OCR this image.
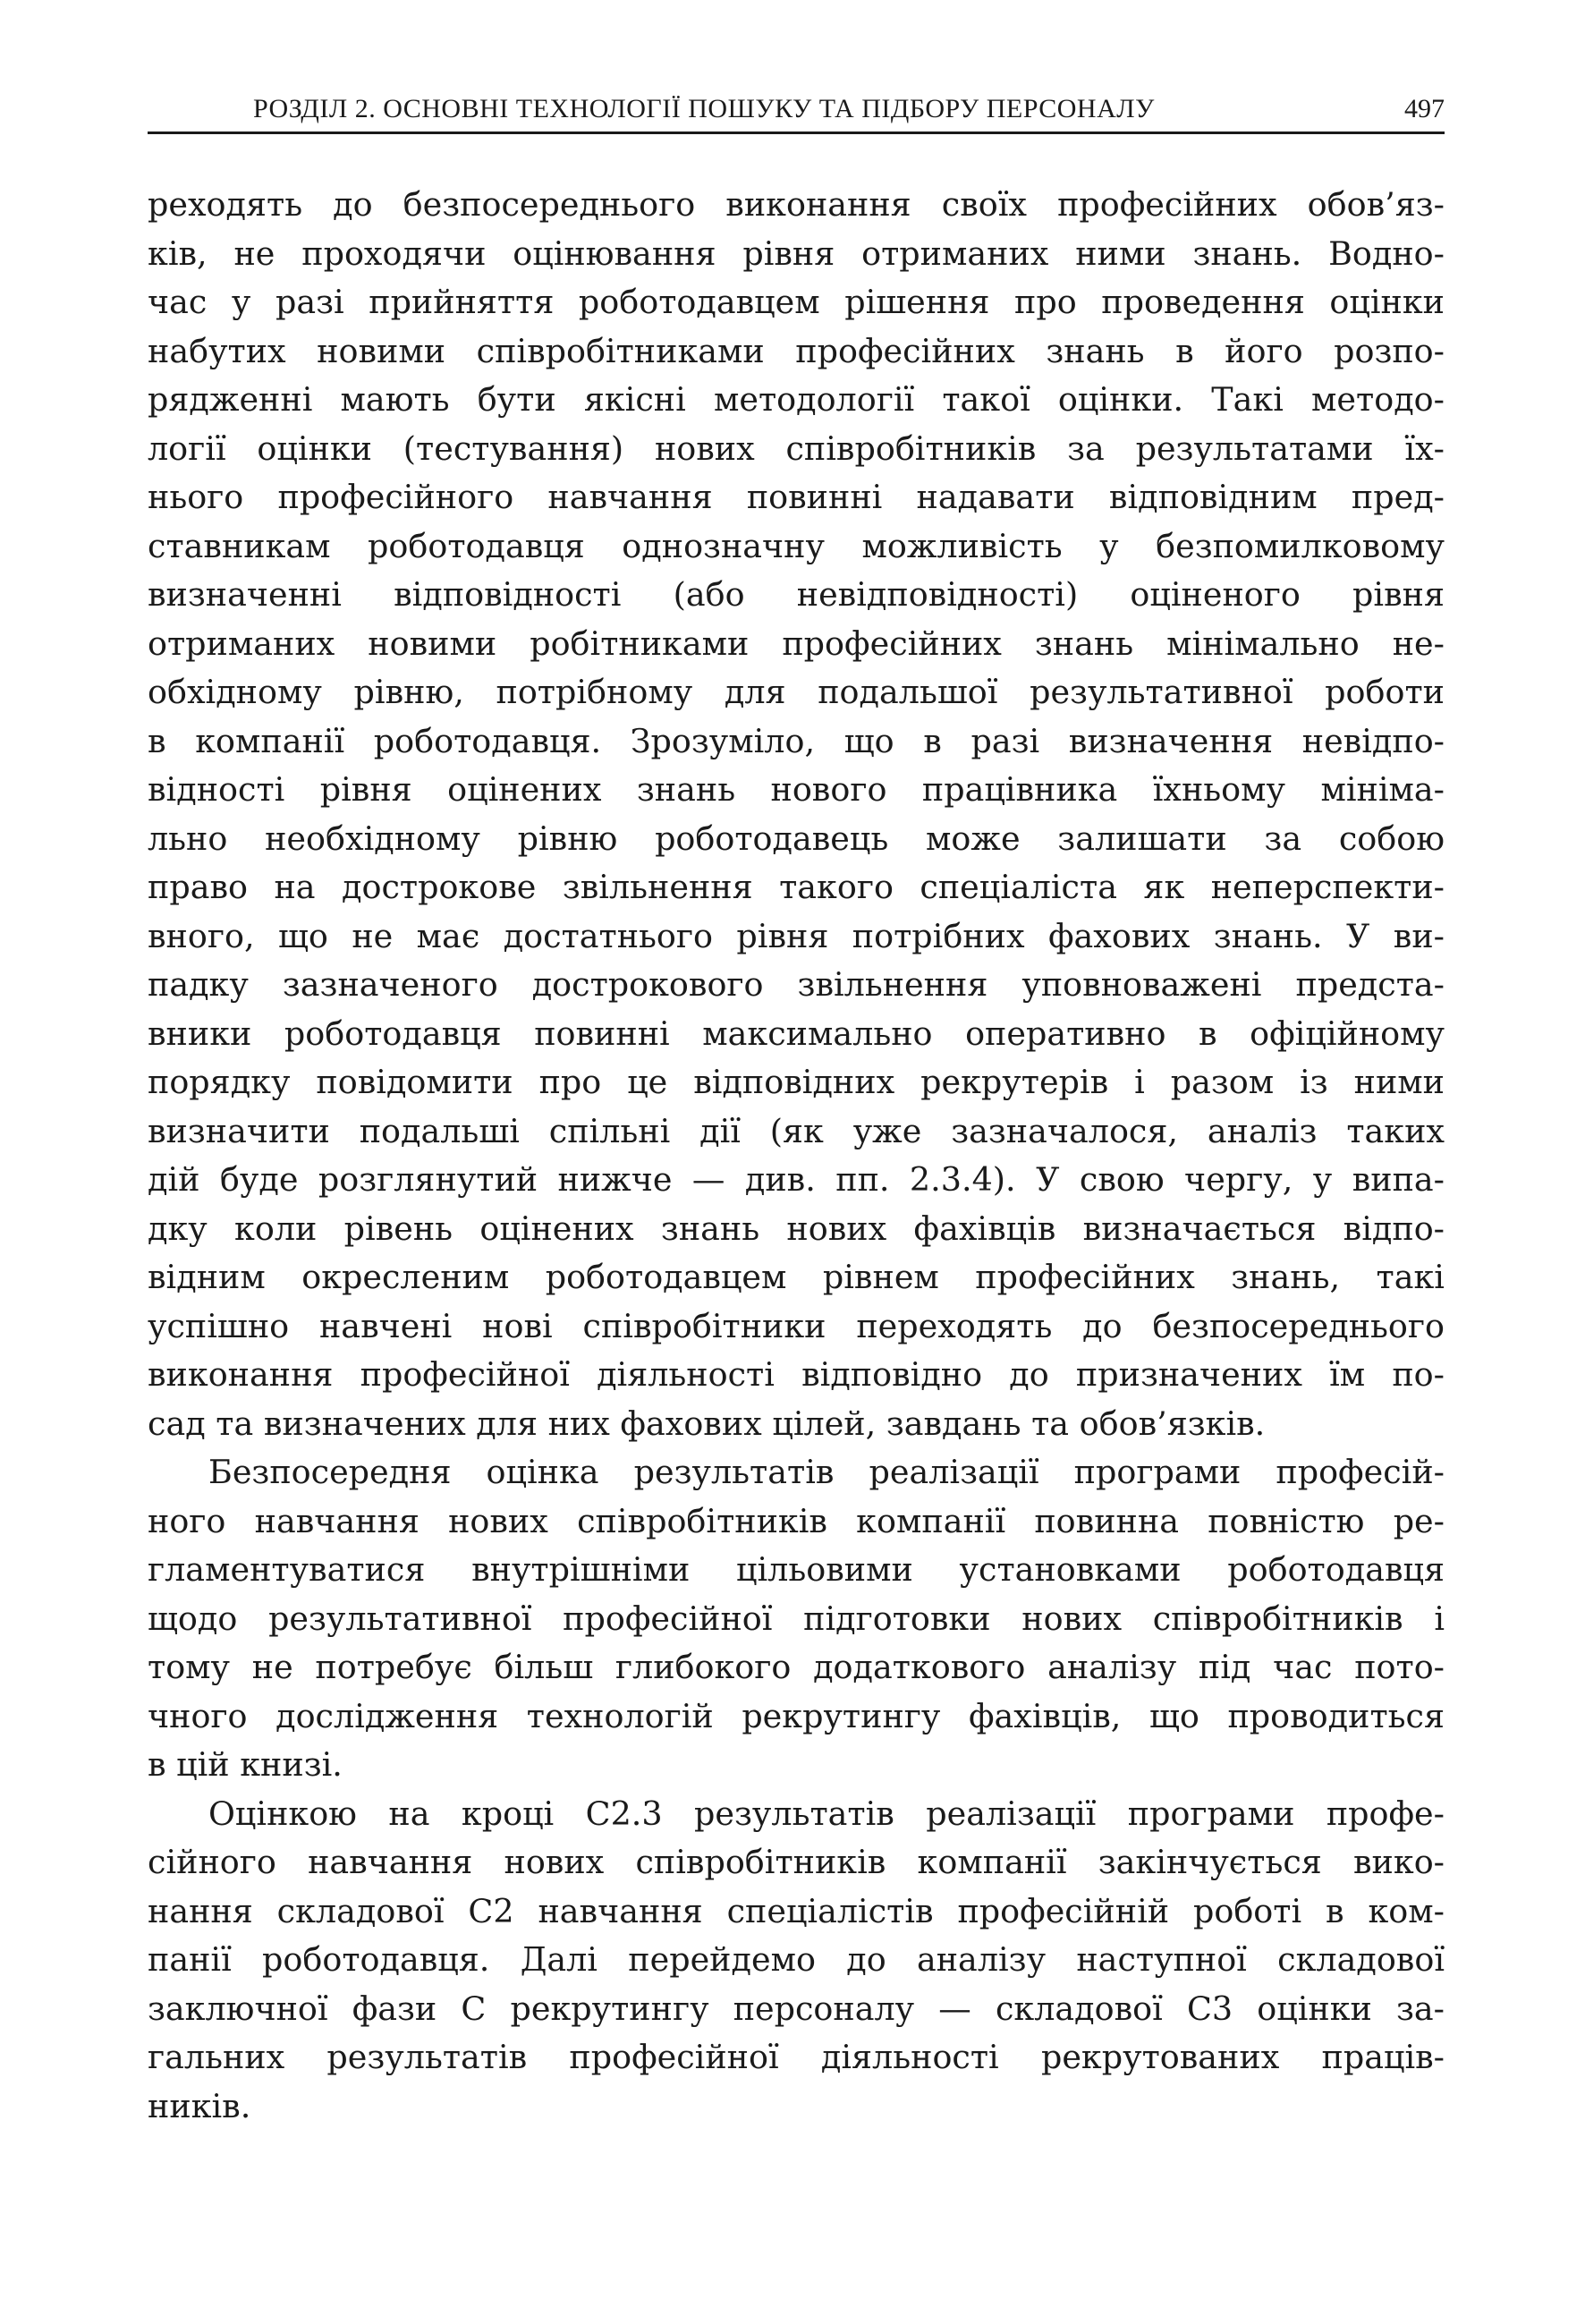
РОЗДІЛ 2. ОСНОВНІ ТЕХНОЛОГІЇ ПОШУКУ ТА ПІДБОРУ ПЕРСОНАЛУ	497
реходять до безпосереднього виконання своїх професійних обов’яз-
ків, не проходячи оцінювання рівня отриманих ними знань. Водно-
час у разі прийняття роботодавцем рішення про проведення оцінки
набутих новими співробітниками професійних знань в його розпо-
рядженні мають бути якісні методології такої оцінки. Такі методо-
логії оцінки (тестування) нових співробітників за результатами їх-
нього професійного навчання повинні надавати відповідним пред-
ставникам роботодавця однозначну можливість у безпомилковому
визначенні відповідності (або невідповідності) оціненого рівня
отриманих новими робітниками професійних знань мінімально не-
обхідному рівню, потрібному для подальшої результативної роботи
в компанії роботодавця. Зрозуміло, що в разі визначення невідпо-
відності рівня оцінених знань нового працівника їхньому мініма-
льно необхідному рівню роботодавець може залишати за собою
право на дострокове звільнення такого спеціаліста як неперспекти-
вного, що не має достатнього рівня потрібних фахових знань. У ви-
падку зазначеного дострокового звільнення уповноважені предста-
вники роботодавця повинні максимально оперативно в офіційному
порядку повідомити про це відповідних рекрутерів і разом із ними
визначити подальші спільні дії (як уже зазначалося, аналіз таких
дій буде розглянутий нижче — див. пп. 2.3.4). У свою чергу, у випа-
дку коли рівень оцінених знань нових фахівців визначається відпо-
відним окресленим роботодавцем рівнем професійних знань, такі
успішно навчені нові співробітники переходять до безпосереднього
виконання професійної діяльності відповідно до призначених їм по-
сад та визначених для них фахових цілей, завдань та обов’язків.
Безпосередня оцінка результатів реалізації програми професій-
ного навчання нових співробітників компанії повинна повністю ре-
гламентуватися внутрішніми цільовими установками роботодавця
щодо результативної професійної підготовки нових співробітників і
тому не потребує більш глибокого додаткового аналізу під час пото-
чного дослідження технологій рекрутингу фахівців, що проводиться
в цій книзі.
Оцінкою на кроці С2.3 результатів реалізації програми профе-
сійного навчання нових співробітників компанії закінчується вико-
нання складової С2 навчання спеціалістів професійній роботі в ком-
панії роботодавця. Далі перейдемо до аналізу наступної складової
заключної фази С рекрутингу персоналу — складової С3 оцінки за-
гальних результатів професійної діяльності рекрутованих праців-
ників.
